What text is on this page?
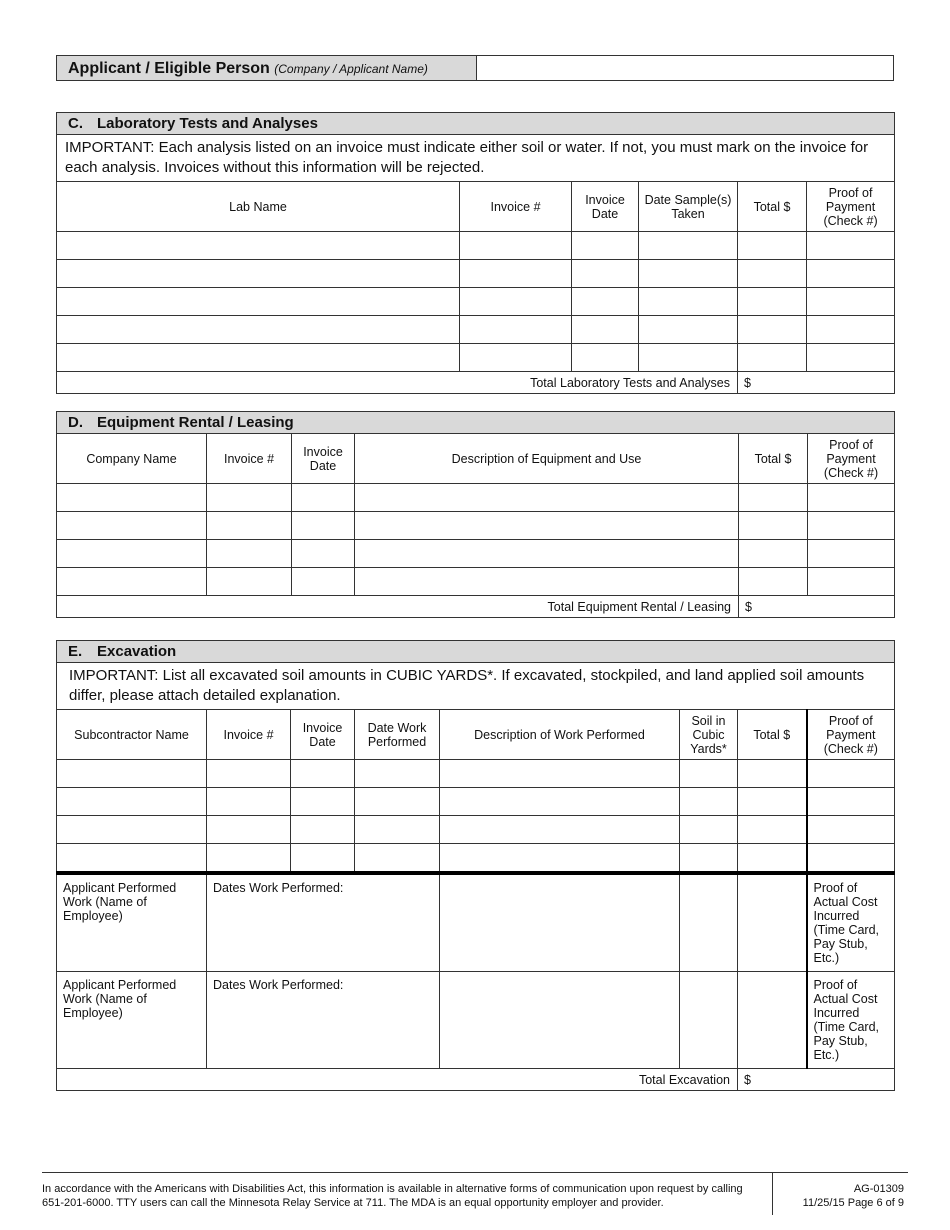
Applicant / Eligible Person (Company / Applicant Name)
C. Laboratory Tests and Analyses					
IMPORTANT: Each analysis listed on an invoice must indicate either soil or water. If not, you must mark on the invoice for each analysis. Invoices without this information will be rejected.					
Lab Name	Invoice #	Invoice Date	Date Sample(s) Taken	Total $	Proof of Payment (Check #)

Total Laboratory Tests and Analyses				$	
D. Equipment Rental / Leasing					
Company Name	Invoice #	Invoice Date	Description of Equipment and Use	Total $	Proof of Payment (Check #)

Total Equipment Rental / Leasing				$	
E. Excavation							
IMPORTANT: List all excavated soil amounts in CUBIC YARDS*. If excavated, stockpiled, and land applied soil amounts differ, please attach detailed explanation.							
Subcontractor Name	Invoice #	Invoice Date	Date Work Performed	Description of Work Performed	Soil in Cubic Yards*	Total $	Proof of Payment (Check #)

Applicant Performed Work (Name of Employee)	Dates Work Performed:						Proof of Actual Cost Incurred (Time Card, Pay Stub, Etc.)
Applicant Performed Work (Name of Employee)	Dates Work Performed:						Proof of Actual Cost Incurred (Time Card, Pay Stub, Etc.)
Total Excavation						$	
In accordance with the Americans with Disabilities Act, this information is available in alternative forms of communication upon request by calling 651-201-6000. TTY users can call the Minnesota Relay Service at 711. The MDA is an equal opportunity employer and provider.
AG-01309
11/25/15 Page 6 of 9
